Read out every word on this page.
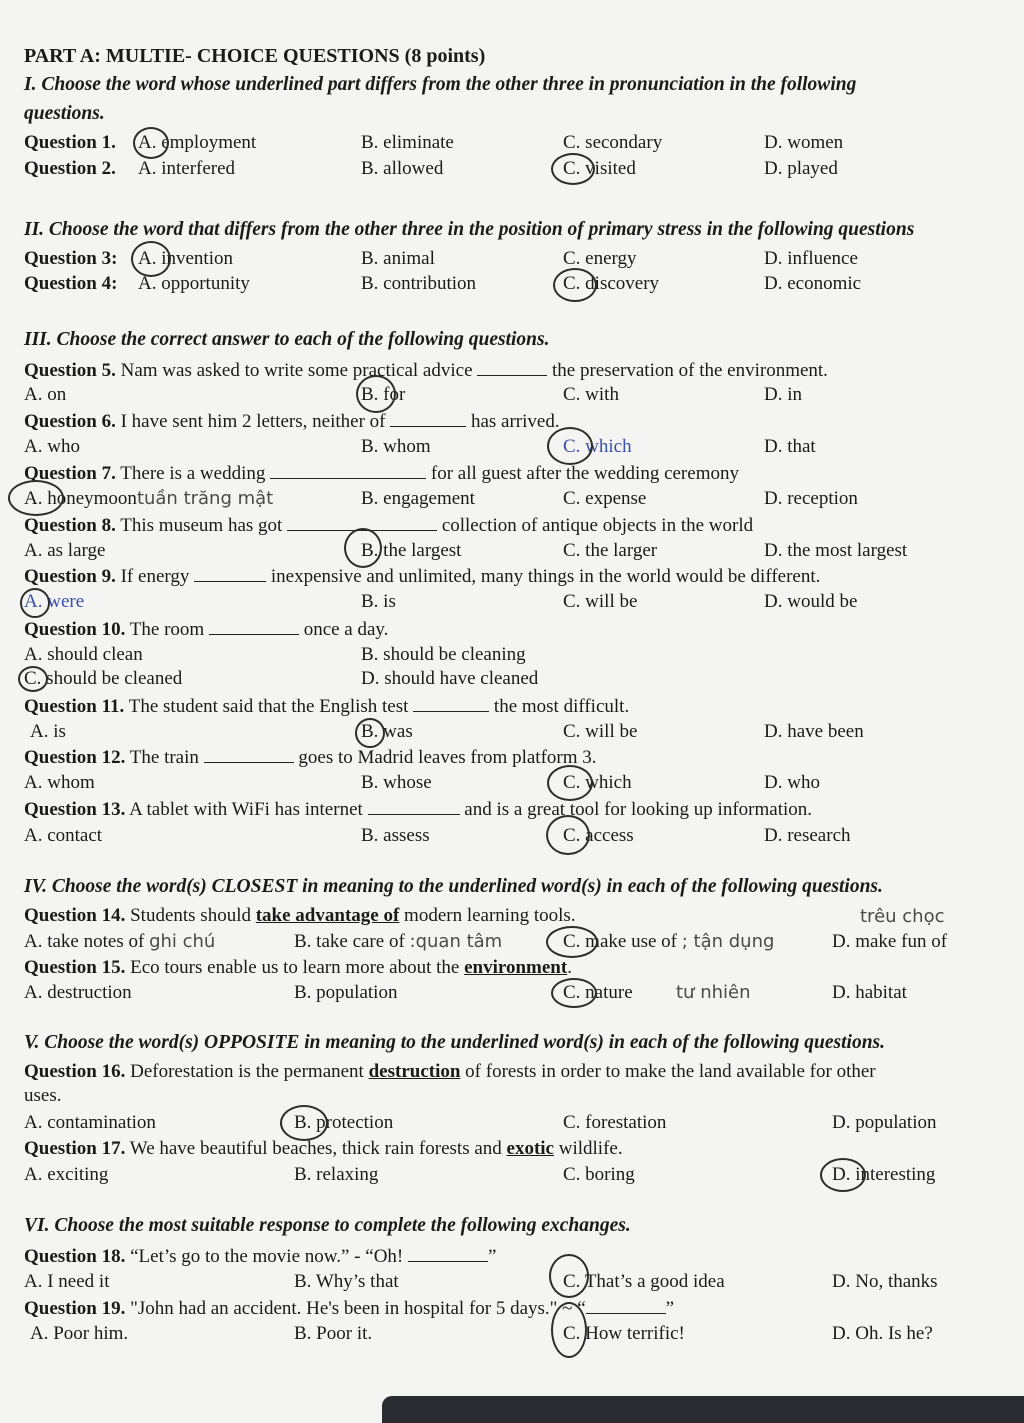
PART A: MULTIE- CHOICE QUESTIONS (8 points)
I. Choose the word whose underlined part differs from the other three in pronunciation in the following
questions.
Question 1. A. employment	B. eliminate	C. secondary	D. women
Question 2. A. interfered	B. allowed	C. visited	D. played
II. Choose the word that differs from the other three in the position of primary stress in the following questions
Question 3: A. invention	B. animal	C. energy	D. influence
Question 4: A. opportunity	B. contribution	C. discovery	D. economic
III. Choose the correct answer to each of the following questions.
Question 5. Nam was asked to write some practical advice	the preservation of the environment.
A. on	B. for	C. with	D. in
Question 6. I have sent him 2 letters, neither of	has arrived.
A. who	B. whom	C. which	D. that
Question 7. There is a wedding	for all guest after the wedding ceremony
A. honeymoontuần trăng mật	B. engagement	C. expense	D. reception
Question 8. This museum has got	collection of antique objects in the world
A. as large	B. the largest	C. the larger	D. the most largest
Question 9. If energy	inexpensive and unlimited, many things in the world would be different.
A. were	B. is	C. will be	D. would be
Question 10. The room	once a day.
A. should clean	B. should be cleaning
C. should be cleaned	D. should have cleaned
Question 11. The student said that the English test	the most difficult.
A. is	B. was	C. will be	D. have been
Question 12. The train	goes to Madrid leaves from platform 3.
A. whom	B. whose	C. which	D. who
Question 13. A tablet with WiFi has internet	and is a great tool for looking up information.
A. contact	B. assess	C. access	D. research
IV. Choose the word(s) CLOSEST in meaning to the underlined word(s) in each of the following questions.
Question 14. Students should take advantage of modern learning tools.	trêu chọc
A. take notes of ghi chú	B. take care of :quan tâm	C. make use of ; tận dụng	D. make fun of
Question 15. Eco tours enable us to learn more about the environment.
A. destruction	B. population	C. nature tư nhiên	D. habitat
V. Choose the word(s) OPPOSITE in meaning to the underlined word(s) in each of the following questions.
Question 16. Deforestation is the permanent destruction of forests in order to make the land available for other
uses.
A. contamination	B. protection	C. forestation	D. population
Question 17. We have beautiful beaches, thick rain forests and exotic wildlife.
A. exciting	B. relaxing	C. boring	D. interesting
VI. Choose the most suitable response to complete the following exchanges.
Question 18. “Let’s go to the movie now.” - “Oh!	”
A. I need it	B. Why’s that	C. That’s a good idea	D. No, thanks
Question 19. "John had an accident. He's been in hospital for 5 days." ~ “	”
A. Poor him.	B. Poor it.	C. How terrific!	D. Oh. Is he?
